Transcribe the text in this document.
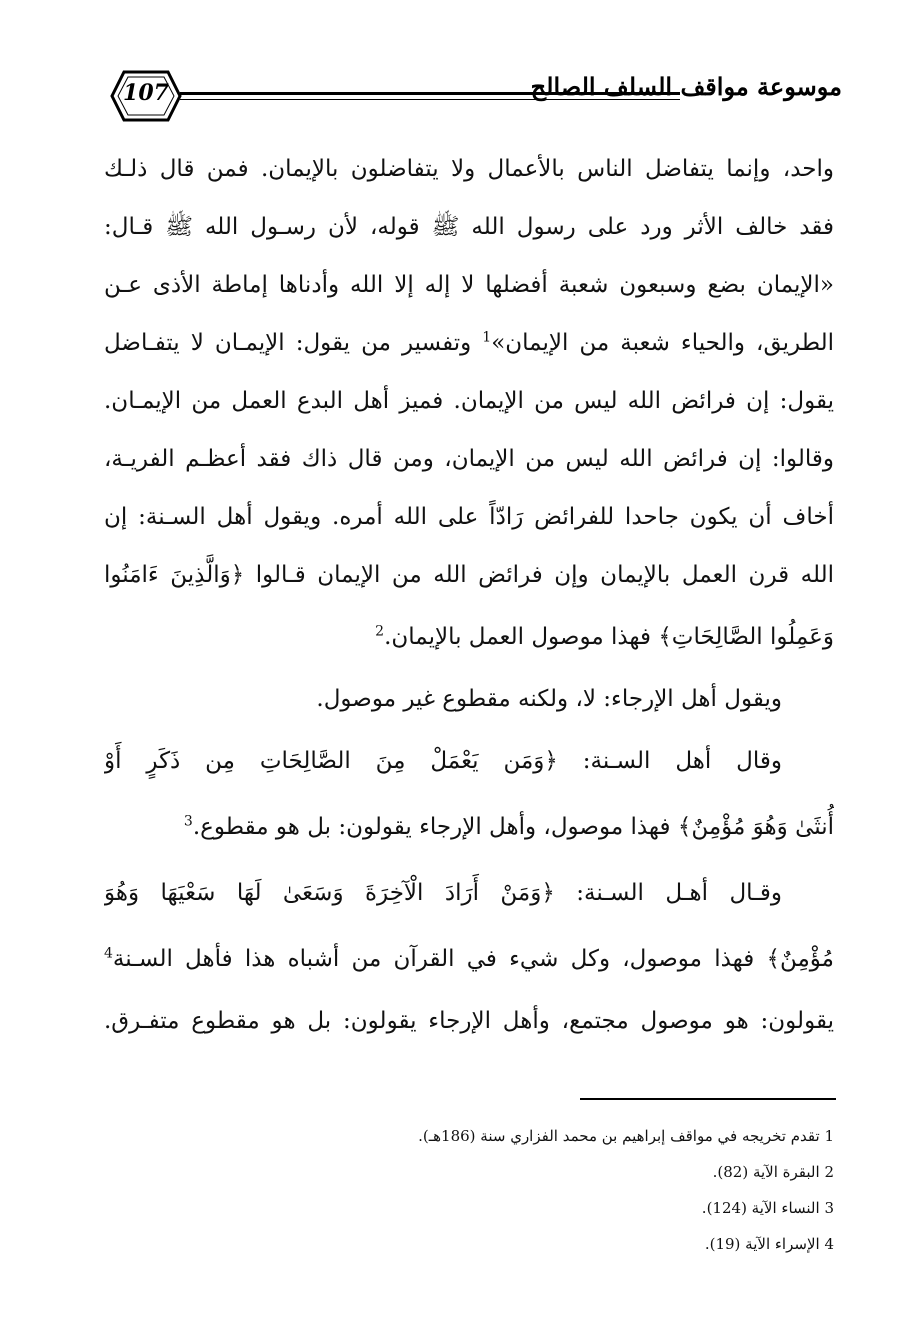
107	موسوعة مواقف السلف الصالح
واحد، وإنما يتفاضل الناس بالأعمال ولا يتفاضلون بالإيمان. فمن قال ذلـك
فقد خالف الأثر ورد على رسول الله ﷺ قوله، لأن رسـول الله ﷺ قـال:
«الإيمان بضع وسبعون شعبة أفضلها لا إله إلا الله وأدناها إماطة الأذى عـن
الطريق، والحياء شعبة من الإيمان»$^1$ وتفسير من يقول: الإيمـان لا يتفـاضل
يقول: إن فرائض الله ليس من الإيمان. فميز أهل البدع العمل من الإيمـان.
وقالوا: إن فرائض الله ليس من الإيمان، ومن قال ذاك فقد أعظـم الفريـة،
أخاف أن يكون جاحدا للفرائض رَادّاً على الله أمره. ويقول أهل السـنة: إن
الله قرن العمل بالإيمان وإن فرائض الله من الإيمان قـالوا ﴿وَالَّذِينَ ءَامَنُوا
وَعَمِلُوا الصَّالِحَاتِ﴾ فهذا موصول العمل بالإيمان.$^2$
ويقول أهل الإرجاء: لا، ولكنه مقطوع غير موصول.
وقال أهل السـنة: ﴿وَمَن يَعْمَلْ مِنَ الصَّالِحَاتِ مِن ذَكَرٍ أَوْ
أُنثَىٰ وَهُوَ مُؤْمِنٌ﴾ فهذا موصول، وأهل الإرجاء يقولون: بل هو مقطوع.$^3$
وقـال أهـل السـنة: ﴿وَمَنْ أَرَادَ الْآخِرَةَ وَسَعَىٰ لَهَا سَعْيَهَا وَهُوَ
مُؤْمِنٌ﴾ فهذا موصول، وكل شيء في القرآن من أشباه هذا فأهل السـنة$^4$
يقولون: هو موصول مجتمع، وأهل الإرجاء يقولون: بل هو مقطوع متفـرق.
1 تقدم تخريجه في مواقف إبراهيم بن محمد الفزاري سنة (186هـ).
2 البقرة الآية (82).
3 النساء الآية (124).
4 الإسراء الآية (19).
